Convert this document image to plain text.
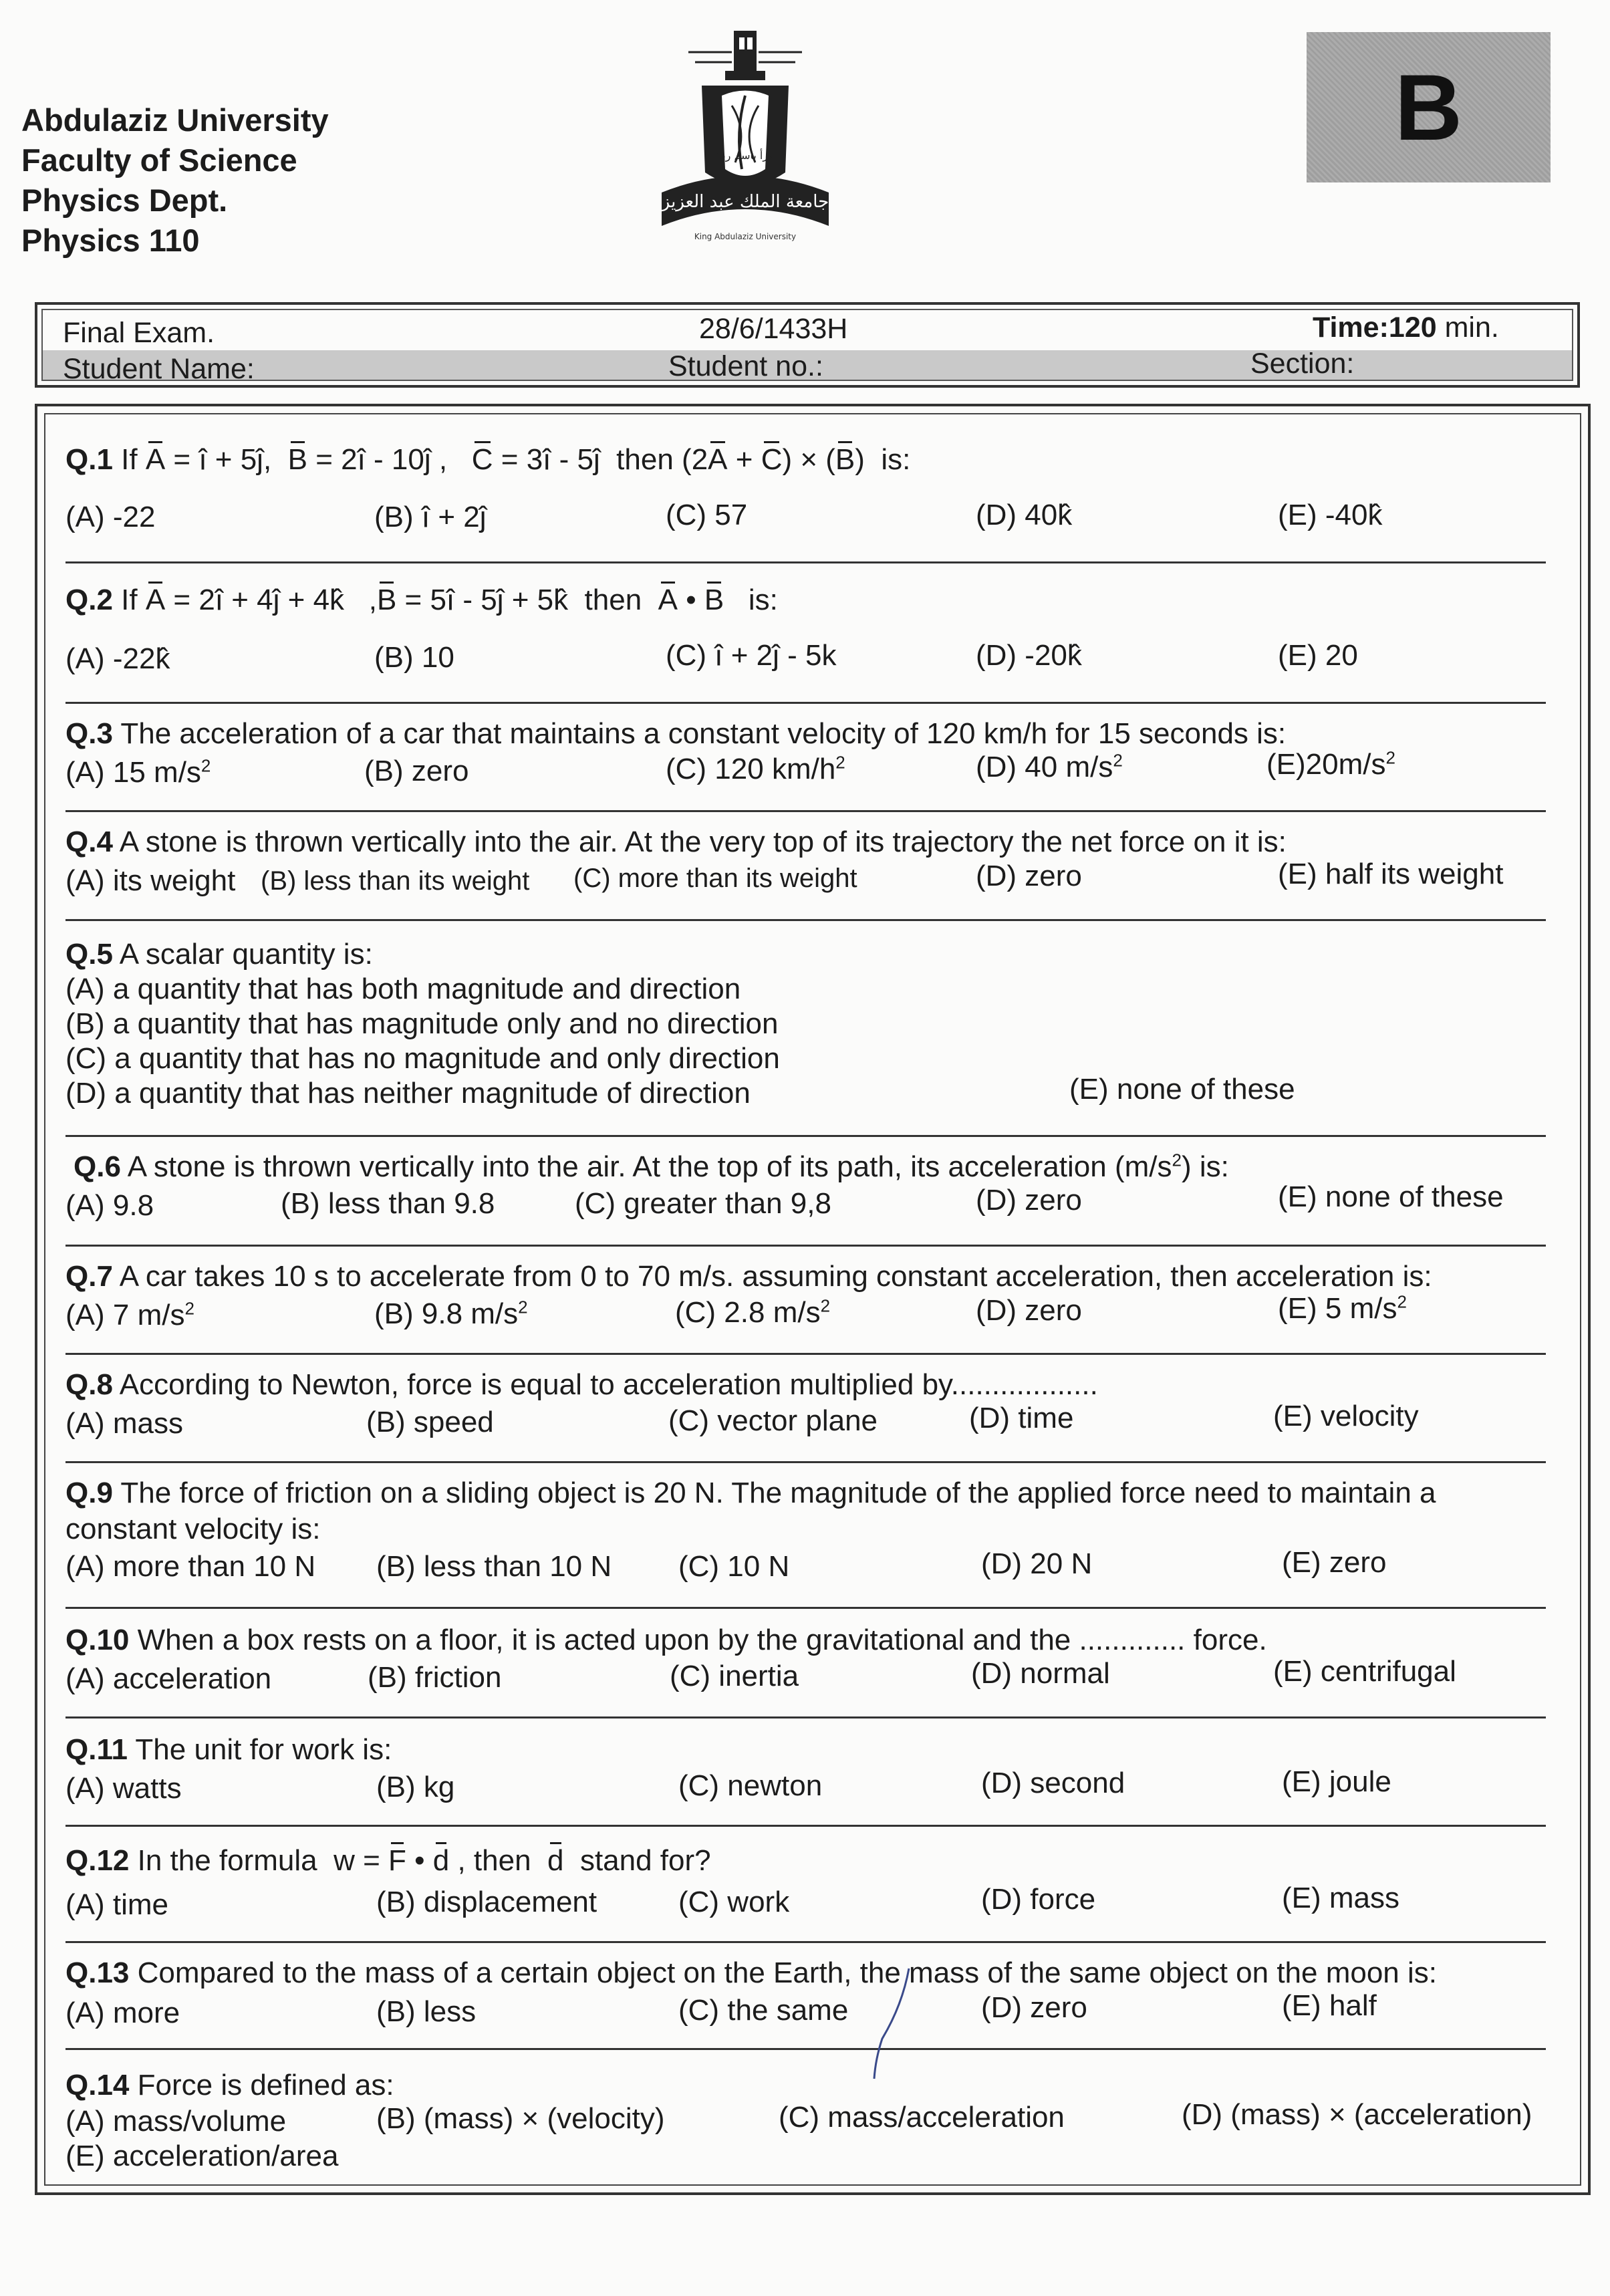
Abdulaziz University
Faculty of Science
Physics Dept.
Physics 110
جامعة الملك عبد العزيز
King Abdulaziz University
اقرأ باسم ربك	B
Final Exam.	28/6/1433H	Time:120 min.
Student Name:	Student no.:	Section:
Q.1 If A = î + 5ĵ,  B = 2î - 10ĵ ,   C = 3î - 5ĵ  then (2A + C) × (B)  is:
(A) -22	(B) î + 2ĵ	(C) 57	(D) 40k̂	(E) -40k̂
Q.2 If A = 2î + 4ĵ + 4k̂   ,B = 5î - 5ĵ + 5k̂  then  A • B   is:
(A) -22k̂	(B) 10	(C) î + 2ĵ - 5k	(D) -20k̂	(E) 20
Q.3 The acceleration of a car that maintains a constant velocity of 120 km/h for 15 seconds is:
(A) 15 $m/s^2$	(B) zero	(C) 120 $km/h^2$	(D) 40 $m/s^2$	$(E)20m/s^2$
Q.4 A stone is thrown vertically into the air. At the very top of its trajectory the net force on it is:
(A) its weight (B) less than its weight (C) more than its weight	(D) zero	(E) half its weight
Q.5 A scalar quantity is:
(A) a quantity that has both magnitude and direction
(B) a quantity that has magnitude only and no direction
(C) a quantity that has no magnitude and only direction
(D) a quantity that has neither magnitude of direction	(E) none of these
Q.6 A stone is thrown vertically into the air. At the top of its path, its acceleration $(m/s^2)$ is:
(A) 9.8	(B) less than 9.8	(C) greater than 9,8	(D) zero	(E) none of these
Q.7 A car takes 10 s to accelerate from 0 to 70 m/s. assuming constant acceleration, then acceleration is:
(A) 7 $m/s^2$	(B) 9.8 $m/s^2$	(C) 2.8 $m/s^2$	(D) zero	(E) 5 $m/s^2$
Q.8 According to Newton, force is equal to acceleration multiplied by..................
(A) mass	(B) speed	(C) vector plane	(D) time	(E) velocity
Q.9 The force of friction on a sliding object is 20 N. The magnitude of the applied force need to maintain a
constant velocity is:
(A) more than 10 N (B) less than 10 N (C) 10 N	(D) 20 N	(E) zero
Q.10 When a box rests on a floor, it is acted upon by the gravitational and the ............. force.
(A) acceleration	(B) friction	(C) inertia	(D) normal	(E) centrifugal
Q.11 The unit for work is:
(A) watts	(B) kg	(C) newton	(D) second	(E) joule
Q.12 In the formula  w = F • d , then  d  stand for?
(A) time	(B) displacement	(C) work	(D) force	(E) mass
Q.13 Compared to the mass of a certain object on the Earth, the mass of the same object on the moon is:
(A) more	(B) less	(C) the same	(D) zero	(E) half
Q.14 Force is defined as:
(A) mass/volume	(B) (mass) × (velocity)	(C) mass/acceleration	(D) (mass) × (acceleration)
(E) acceleration/area
